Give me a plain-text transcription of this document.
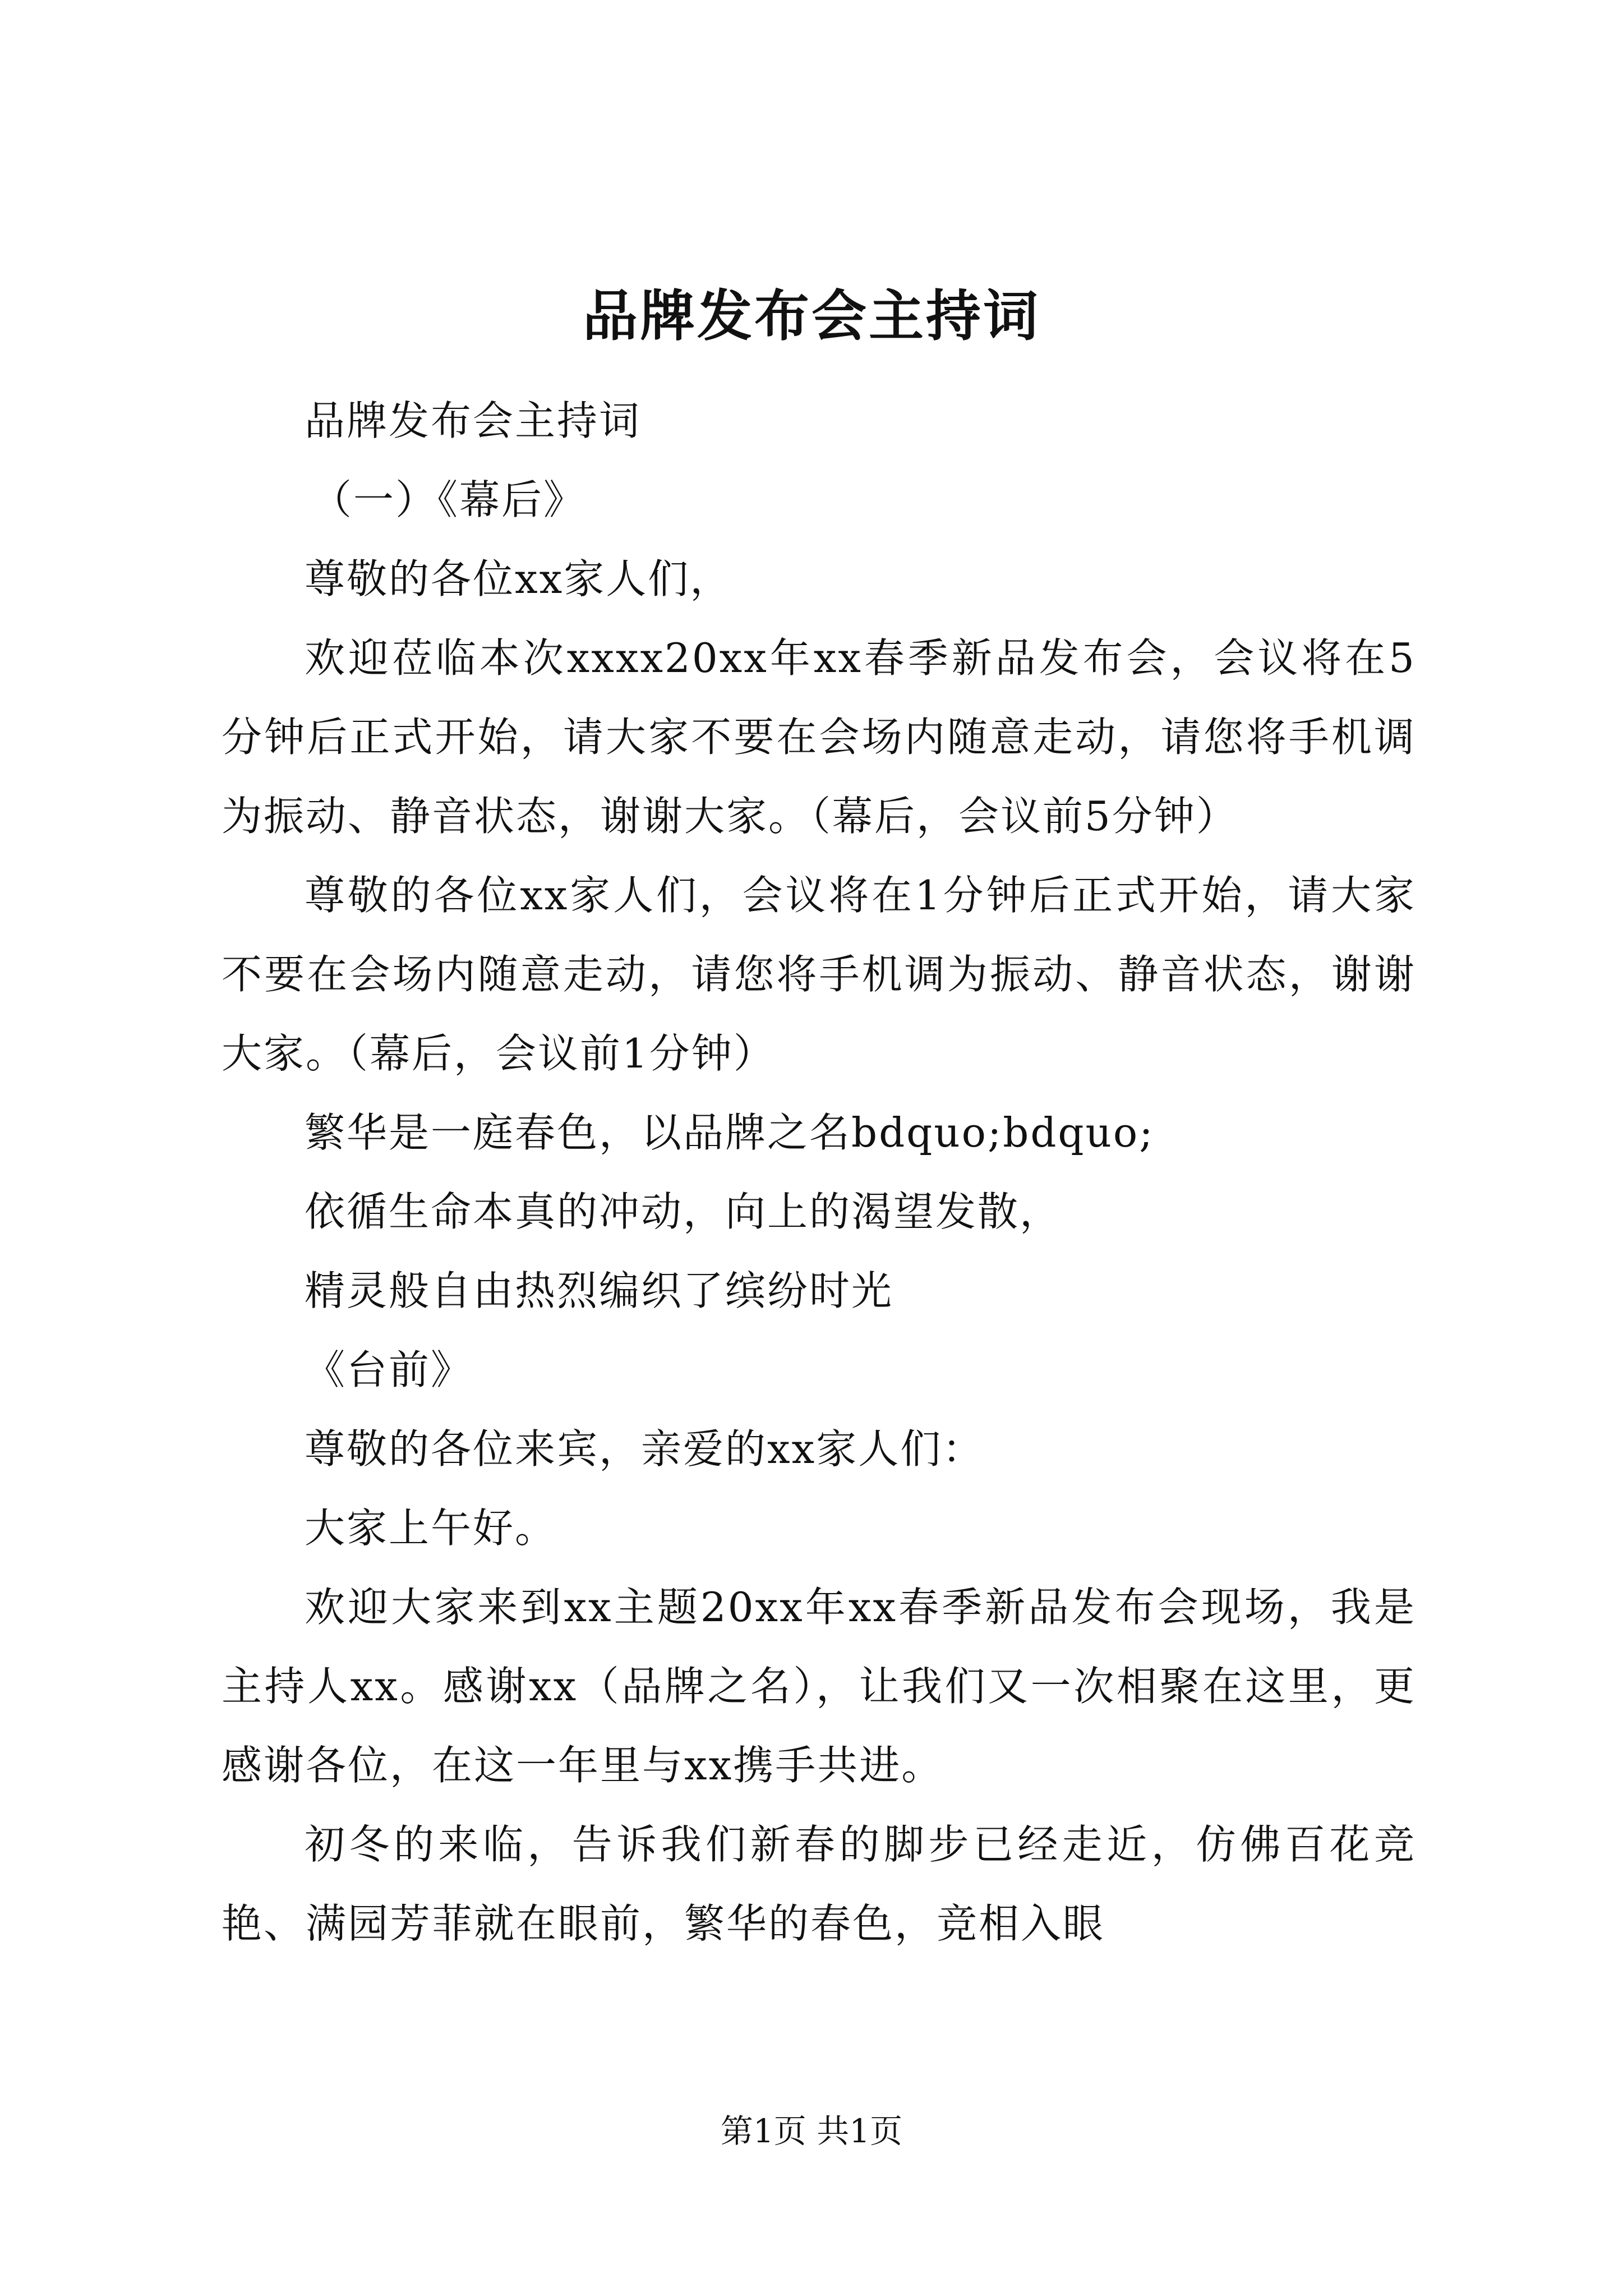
品牌发布会主持词

品牌发布会主持词

（一）《幕后》

尊敬的各位xx家人们，

欢迎莅临本次xxxx20xx年xx春季新品发布会，会议将在5分钟后正式开始，请大家不要在会场内随意走动，请您将手机调为振动、静音状态，谢谢大家。（幕后，会议前5分钟）

尊敬的各位xx家人们，会议将在1分钟后正式开始，请大家不要在会场内随意走动，请您将手机调为振动、静音状态，谢谢大家。（幕后，会议前1分钟）

繁华是一庭春色，以品牌之名bdquo;bdquo;

依循生命本真的冲动，向上的渴望发散，

精灵般自由热烈编织了缤纷时光

《台前》

尊敬的各位来宾，亲爱的xx家人们：

大家上午好。

欢迎大家来到xx主题20xx年xx春季新品发布会现场，我是主持人xx。感谢xx（品牌之名），让我们又一次相聚在这里，更感谢各位，在这一年里与xx携手共进。

初冬的来临，告诉我们新春的脚步已经走近，仿佛百花竞艳、满园芳菲就在眼前，繁华的春色，竞相入眼

第1页 共1页
